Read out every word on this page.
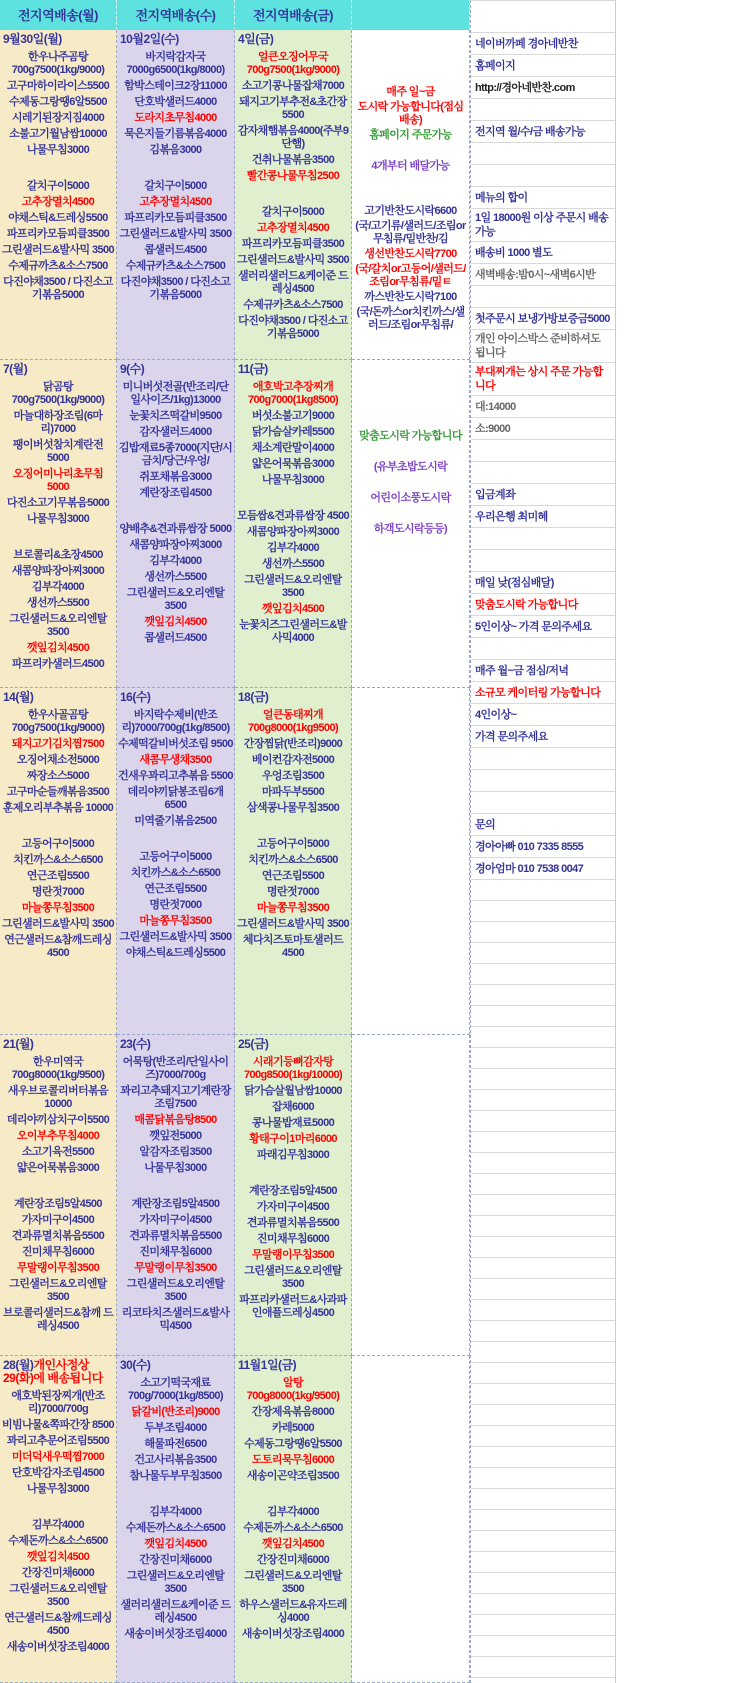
전지역배송(월)	전지역배송(수)	전지역배송(금)
9월30일(월)
한우나주곰탕 700g7500(1kg/9000)
고구마하이라이스5500
수제동그랑땡6알5500
시레기된장지짐4000
소불고기월남쌈10000
나물무침3000
갈치구이5000
고추장멸치4500
야채스틱&드레싱5500
파프리카모듬피클3500
그린샐러드&발사믹 3500
수제규까츠&소스7500
다진야채3500 / 다진소고기볶음5000
10월2일(수)
바지락감자국 7000g6500(1kg/8000)
함박스테이크2장11000
단호박샐러드4000
도라지초무침4000
묵은지들기름볶음4000
김볶음3000
갈치구이5000
고추장멸치4500
파프리카모듬피클3500
그린샐러드&발사믹 3500
콥샐러드4500
수제규카츠&소스7500
다진야채3500 / 다진소고기볶음5000
4일(금)
얼큰오징어무국 700g7500(1kg/9000)
소고기콩나물잡채7000
돼지고기부추전&초간장5500
감자채햄볶음4000(주부9단햄)
건취나물볶음3500
빨간콩나물무침2500
갈치구이5000
고추장멸치4500
파프리카모듬피클3500
그린샐러드&발사믹 3500
샐러리샐러드&케이준 드레싱4500
수제규카츠&소스7500
다진야채3500 / 다진소고기볶음5000
매주 일~금
도시락 가능합니다(점심배송)
홈페이지 주문가능
4개부터 배달가능
고기반찬도시락6600
(국/고기류/샐러드/조림or무침류/밑반찬/김
생선반찬도시락7700
(국/갈치or고등어/샐러드/조림or무침류/밑ㅌ
까스반찬도시락7100
(국/돈까스or치킨까스/샐러드/조림or무침류/
7(월)
닭곰탕 700g7500(1kg/9000)
마늘대하장조림(6마리)7000
팽이버섯참치계란전 5000
오징어미나리초무침 5000
다진소고기무볶음5000
나물무침3000
브로콜리&초장4500
새콤양파장아찌3000
김부각4000
생선까스5500
그린샐러드&오리엔탈 3500
깻잎김치4500
파프리카샐러드4500
9(수)
미니버섯전골(반조리/단일사이즈/1kg)13000
눈꽃치즈떡갈비9500
감자샐러드4000
김밥재료5종7000(지단/시금치/당근/우엉/
쥐포채볶음3000
계란장조림4500
양배추&견과류쌈장 5000
새콤양파장아찌3000
김부각4000
생선까스5500
그린샐러드&오리엔탈 3500
깻잎김치4500
콥샐러드4500
11(금)
애호박고추장찌개 700g7000(1kg8500)
버섯소불고기9000
닭가슴살카레5500
채소계란말이4000
얇은어묵볶음3000
나물무침3000
모듬쌈&견과류쌈장 4500
새콤양파장아찌3000
김부각4000
생선까스5500
그린샐러드&오리엔탈 3500
깻잎김치4500
눈꽃치즈그린샐러드&발사믹4000
맞춤도시락 가능합니다
(유부초밥도시락
어린이소풍도시락
하객도시락등등)
14(월)
한우사골곰탕 700g7500(1kg/9000)
돼지고기김치찜7500
오징어채소전5000
짜장소스5000
고구마순들깨볶음3500
훈제오리부추볶음 10000
고등어구이5000
치킨까스&소스6500
연근조림5500
명란젓7000
마늘쫑무침3500
그린샐러드&발사믹 3500
연근샐러드&참깨드레싱4500
16(수)
바지락수제비(반조리)7000/700g(1kg/8500)
수제떡갈비버섯조림 9500
새콤무생채3500
건새우꽈리고추볶음 5500
데리야끼닭봉조림6개 6500
미역줄기볶음2500
고등어구이5000
치킨까스&소스6500
연근조림5500
명란젓7000
마늘쫑무침3500
그린샐러드&발사믹 3500
야채스틱&드레싱5500
18(금)
얼큰동태찌개 700g8000(1kg9500)
간장찜닭(반조리)9000
베이컨감자전5000
우엉조림3500
마파두부5500
삼색콩나물무침3500
고등어구이5000
치킨까스&소스6500
연근조림5500
명란젓7000
마늘쫑무침3500
그린샐러드&발사믹 3500
체다치즈토마토샐러드 4500
21(월)
한우미역국 700g8000(1kg/9500)
새우브로콜리버터볶음 10000
데리야끼삼치구이5500
오이부추무침4000
소고기육전5500
얇은어묵볶음3000
계란장조림5알4500
가자미구이4500
견과류멸치볶음5500
진미채무침6000
무말랭이무침3500
그린샐러드&오리엔탈 3500
브로콜리샐러드&참깨 드레싱4500
23(수)
어묵탕(반조리/단일사이즈)7000/700g
꽈리고추돼지고기계란장조림7500
매콤닭볶음탕8500
깻잎전5000
알감자조림3500
나물무침3000
계란장조림5알4500
가자미구이4500
견과류멸치볶음5500
진미채무침6000
무말랭이무침3500
그린샐러드&오리엔탈 3500
리코타치즈샐러드&발사믹4500
25(금)
시래기등뼈감자탕 700g8500(1kg/10000)
닭가슴살월남쌈10000
잡채6000
콩나물밥재료5000
황태구이1마리6000
파래김무침3000
계란장조림5알4500
가자미구이4500
견과류멸치볶음5500
진미채무침6000
무말랭이무침3500
그린샐러드&오리엔탈 3500
파프리카샐러드&사과파인애플드레싱4500
28(월)개인사정상
29(화)에 배송됩니다
애호박된장찌개(반조리)7000/700g
비빔나물&쪽파간장 8500
꽈리고추문어조림5500
미더덕새우떡찜7000
단호박감자조림4500
나물무침3000
김부각4000
수제돈까스&소스6500
깻잎김치4500
간장진미채6000
그린샐러드&오리엔탈 3500
연근샐러드&참깨드레싱4500
새송이버섯장조림4000
30(수)
소고기떡국재료 700g/7000(1kg/8500)
닭갈비(반조리)9000
두부조림4000
해물파전6500
건고사리볶음3500
참나물두부무침3500
김부각4000
수제돈까스&소스6500
깻잎김치4500
간장진미채6000
그린샐러드&오리엔탈 3500
샐러리샐러드&케이준 드레싱4500
새송이버섯장조림4000
11월1일(금)
알탕 700g8000(1kg/9500)
간장제육볶음8000
카레5000
수제동그랑땡6알5500
도토리묵무침6000
새송이곤약조림3500
김부각4000
수제돈까스&소스6500
깻잎김치4500
간장진미채6000
그린샐러드&오리엔탈 3500
하우스샐러드&유자드레싱4000
새송이버섯장조림4000
네이버까페 경아네반찬
홈페이지
http://경아네반찬.com
전지역 월/수/금 배송가능
메뉴의 합이
1일 18000원 이상 주문시 배송가능
배송비 1000 별도
새벽배송:밤0시~새벽6시반
첫주문시 보냉가방보증금5000
개인 아이스박스 준비하셔도 됩니다
부대찌개는 상시 주문 가능합니다
대:14000
소:9000
입금계좌
우리은행 최미혜
매일 낮(점심배달)
맞춤도시락 가능합니다
5인이상~ 가격 문의주세요
매주 월~금 점심/저녁
소규모 케이터링 가능합니다
4인이상~
가격 문의주세요
문의
경아아빠 010 7335 8555
경아엄마 010 7538 0047
